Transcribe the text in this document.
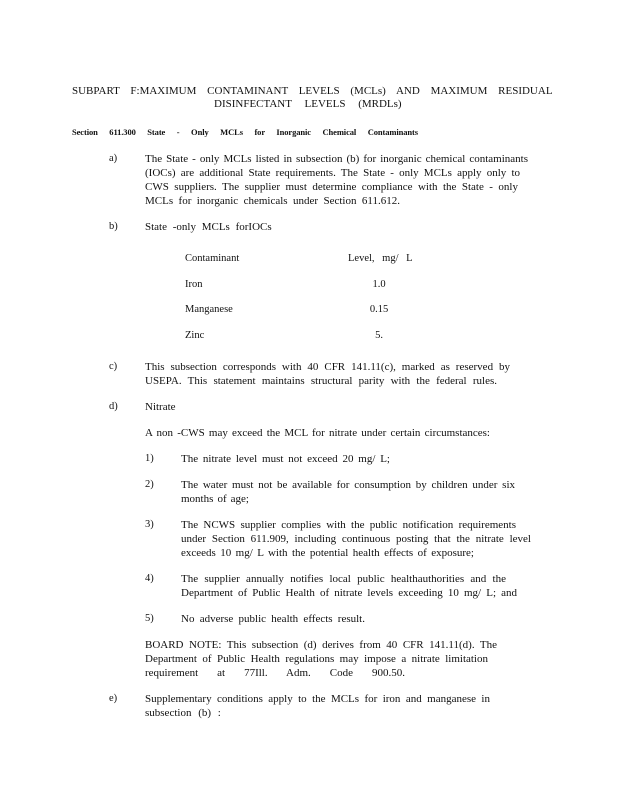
SUBPART F:MAXIMUM CONTAMINANT LEVELS (MCLs) AND MAXIMUM RESIDUAL
DISINFECTANT LEVELS (MRDLs)
Section 611.300 State - Only MCLs for Inorganic Chemical Contaminants
a)	The State - only MCLs listed in subsection (b) for inorganic chemical contaminants
(IOCs) are additional State requirements. The State - only MCLs apply only to
CWS suppliers. The supplier must determine compliance with the State - only
MCLs for inorganic chemicals under Section 611.612.
b) State -only MCLs forIOCs
Contaminant	Level, mg/ L
Iron	1.0
Manganese	0.15
Zinc	5.
c)	This subsection corresponds with 40 CFR 141.11(c), marked as reserved by
USEPA. This statement maintains structural parity with the federal rules.
d) Nitrate
A non -CWS may exceed the MCL for nitrate under certain circumstances:
1) The nitrate level must not exceed 20 mg/ L;
2) The water must not be available for consumption by children under six
months of age;
3) The NCWS supplier complies with the public notification requirements
under Section 611.909, including continuous posting that the nitrate level
exceeds 10 mg/ L with the potential health effects of exposure;
4) The supplier annually notifies local public healthauthorities and the
Department of Public Health of nitrate levels exceeding 10 mg/ L; and
5) No adverse public health effects result.
BOARD NOTE: This subsection (d) derives from 40 CFR 141.11(d). The
Department of Public Health regulations may impose a nitrate limitation
requirement at 77Ill. Adm. Code 900.50.
e)	Supplementary conditions apply to the MCLs for iron and manganese in
subsection (b) :
